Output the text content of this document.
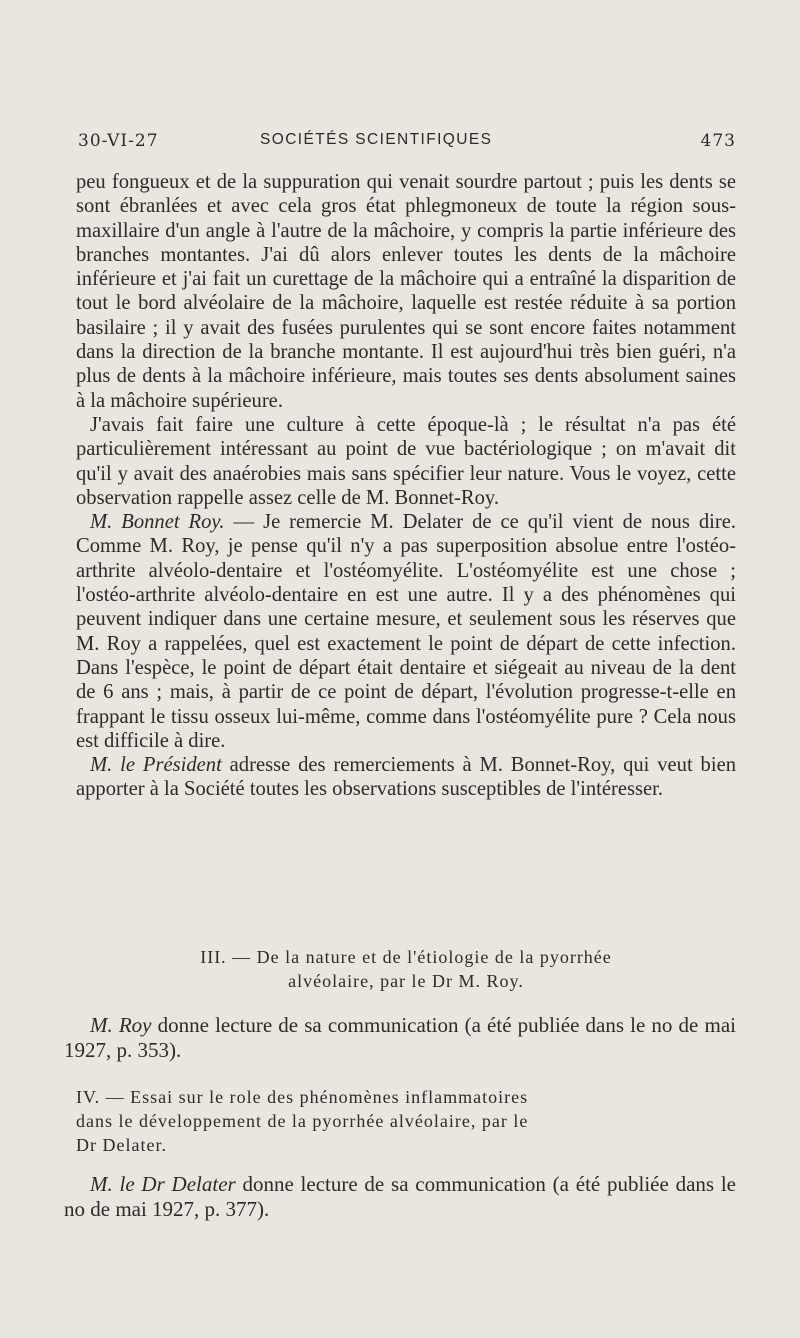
30-VI-27	SOCIÉTÉS SCIENTIFIQUES	473

peu fongueux et de la suppuration qui venait sourdre partout ; puis les dents se sont ébranlées et avec cela gros état phlegmoneux de toute la région sous-maxillaire d'un angle à l'autre de la mâchoire, y compris la partie inférieure des branches montantes. J'ai dû alors enlever toutes les dents de la mâchoire inférieure et j'ai fait un curettage de la mâchoire qui a entraîné la disparition de tout le bord alvéolaire de la mâchoire, laquelle est restée réduite à sa portion basilaire ; il y avait des fusées purulentes qui se sont encore faites notamment dans la direction de la branche montante. Il est aujourd'hui très bien guéri, n'a plus de dents à la mâchoire inférieure, mais toutes ses dents absolument saines à la mâchoire supérieure.

J'avais fait faire une culture à cette époque-là ; le résultat n'a pas été particulièrement intéressant au point de vue bactériologique ; on m'avait dit qu'il y avait des anaérobies mais sans spécifier leur nature. Vous le voyez, cette observation rappelle assez celle de M. Bonnet-Roy.

M. Bonnet Roy. — Je remercie M. Delater de ce qu'il vient de nous dire. Comme M. Roy, je pense qu'il n'y a pas superposition absolue entre l'ostéo-arthrite alvéolo-dentaire et l'ostéomyélite. L'ostéomyélite est une chose ; l'ostéo-arthrite alvéolo-dentaire en est une autre. Il y a des phénomènes qui peuvent indiquer dans une certaine mesure, et seulement sous les réserves que M. Roy a rappelées, quel est exactement le point de départ de cette infection. Dans l'espèce, le point de départ était dentaire et siégeait au niveau de la dent de 6 ans ; mais, à partir de ce point de départ, l'évolution progresse-t-elle en frappant le tissu osseux lui-même, comme dans l'ostéomyélite pure ? Cela nous est difficile à dire.

M. le Président adresse des remerciements à M. Bonnet-Roy, qui veut bien apporter à la Société toutes les observations susceptibles de l'intéresser.

III. — De la nature et de l'étiologie de la pyorrhée
alvéolaire, par le Dr M. Roy.
M. Roy donne lecture de sa communication (a été publiée dans le no de mai 1927, p. 353).
IV. — Essai sur le role des phénomènes inflammatoires
dans le développement de la pyorrhée alvéolaire, par le
Dr Delater.
M. le Dr Delater donne lecture de sa communication (a été publiée dans le no de mai 1927, p. 377).
